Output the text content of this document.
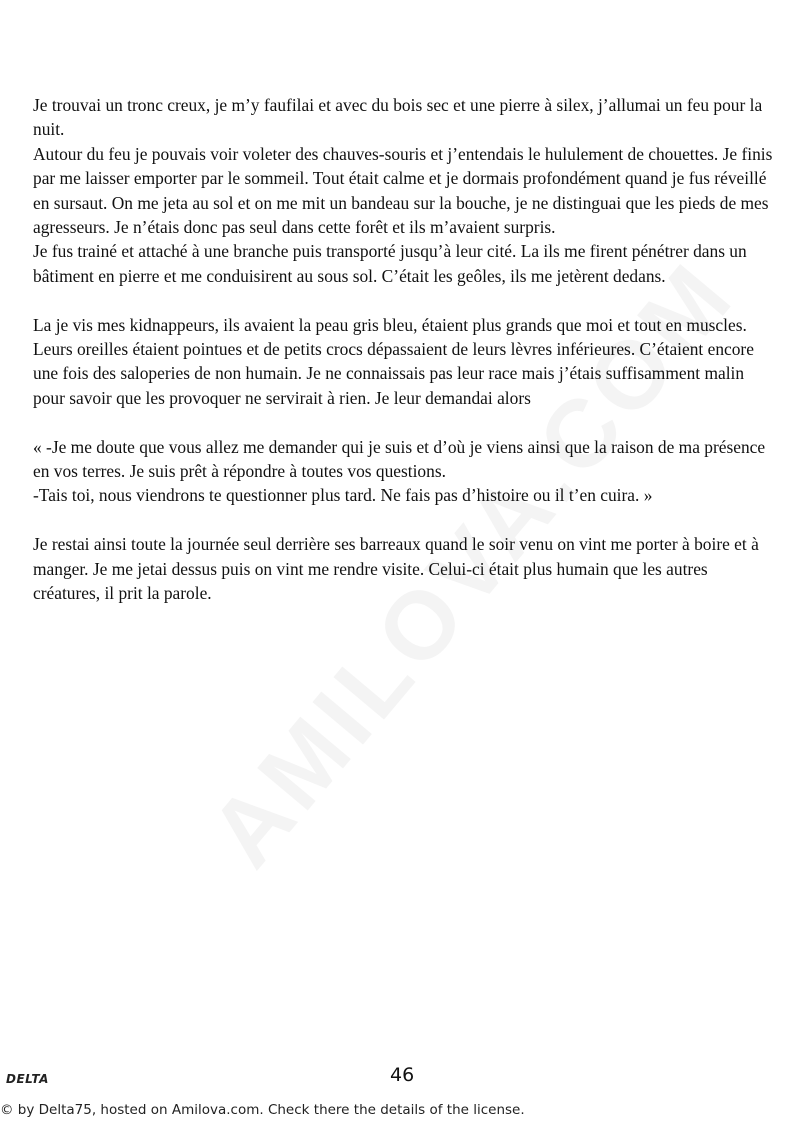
Je trouvai un tronc creux, je m’y faufilai et avec du bois sec et une pierre à silex, j’allumai un feu pour la nuit.

Autour du feu je pouvais voir voleter des chauves-souris et j’entendais le hululement de chouettes. Je finis par me laisser emporter par le sommeil. Tout était calme et je dormais profondément quand je fus réveillé en sursaut. On me jeta au sol et on me mit un bandeau sur la bouche, je ne distinguai que les pieds de mes agresseurs. Je n’étais donc pas seul dans cette forêt et ils m’avaient surpris.

Je fus trainé et attaché à une branche puis transporté jusqu’à leur cité. La ils me firent pénétrer dans un bâtiment en pierre et me conduisirent au sous sol. C’était les geôles, ils me jetèrent dedans.

La je vis mes kidnappeurs, ils avaient la peau gris bleu, étaient plus grands que moi et tout en muscles. Leurs oreilles étaient pointues et de petits crocs dépassaient de leurs lèvres inférieures. C’étaient encore une fois des saloperies de non humain. Je ne connaissais pas leur race mais j’étais suffisamment malin pour savoir que les provoquer ne servirait à rien. Je leur demandai alors

« -Je me doute que vous allez me demander qui je suis et d’où je viens ainsi que la raison de ma présence en vos terres. Je suis prêt à répondre à toutes vos questions.

-Tais toi, nous viendrons te questionner plus tard. Ne fais pas d’histoire ou il t’en cuira. »

Je restai ainsi toute la journée seul derrière ses barreaux quand le soir venu on vint me porter à boire et à manger. Je me jetai dessus puis on vint me rendre visite. Celui-ci était plus humain que les autres créatures, il prit la parole.

DELTA	46
© by Delta75, hosted on Amilova.com. Check there the details of the license.
